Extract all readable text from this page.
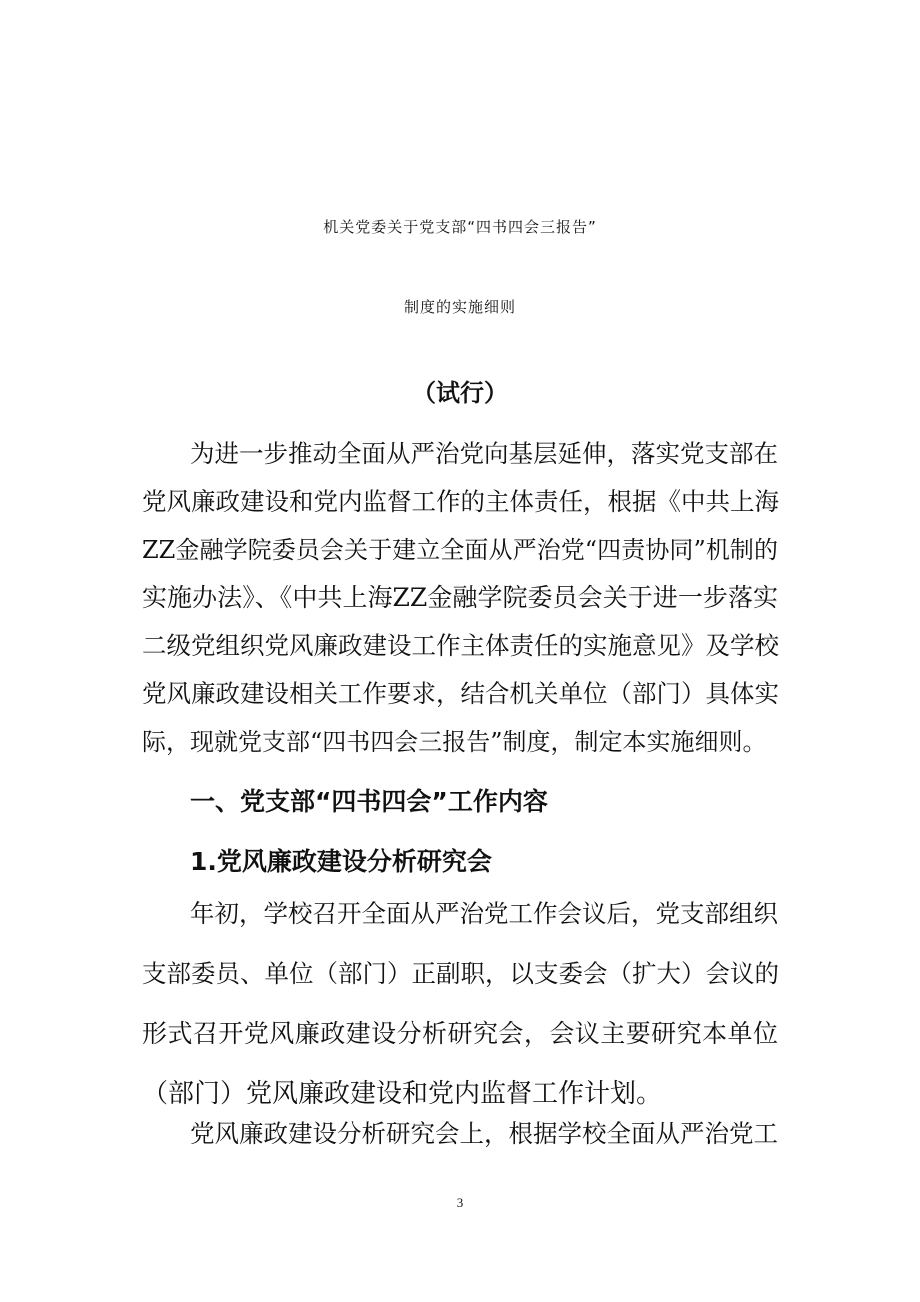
机关党委关于党支部“四书四会三报告”
制度的实施细则
（试行）

为进一步推动全面从严治党向基层延伸，落实党支部在

党风廉政建设和党内监督工作的主体责任，根据《中共上海

ZZ金融学院委员会关于建立全面从严治党“四责协同”机制的

实施办法》、《中共上海ZZ金融学院委员会关于进一步落实

二级党组织党风廉政建设工作主体责任的实施意见》及学校

党风廉政建设相关工作要求，结合机关单位（部门）具体实

际，现就党支部“四书四会三报告”制度，制定本实施细则。

一、党支部“四书四会”工作内容
1.党风廉政建设分析研究会

年初，学校召开全面从严治党工作会议后，党支部组织

支部委员、单位（部门）正副职，以支委会（扩大）会议的

形式召开党风廉政建设分析研究会，会议主要研究本单位

（部门）党风廉政建设和党内监督工作计划。

3

党风廉政建设分析研究会上，根据学校全面从严治党工
